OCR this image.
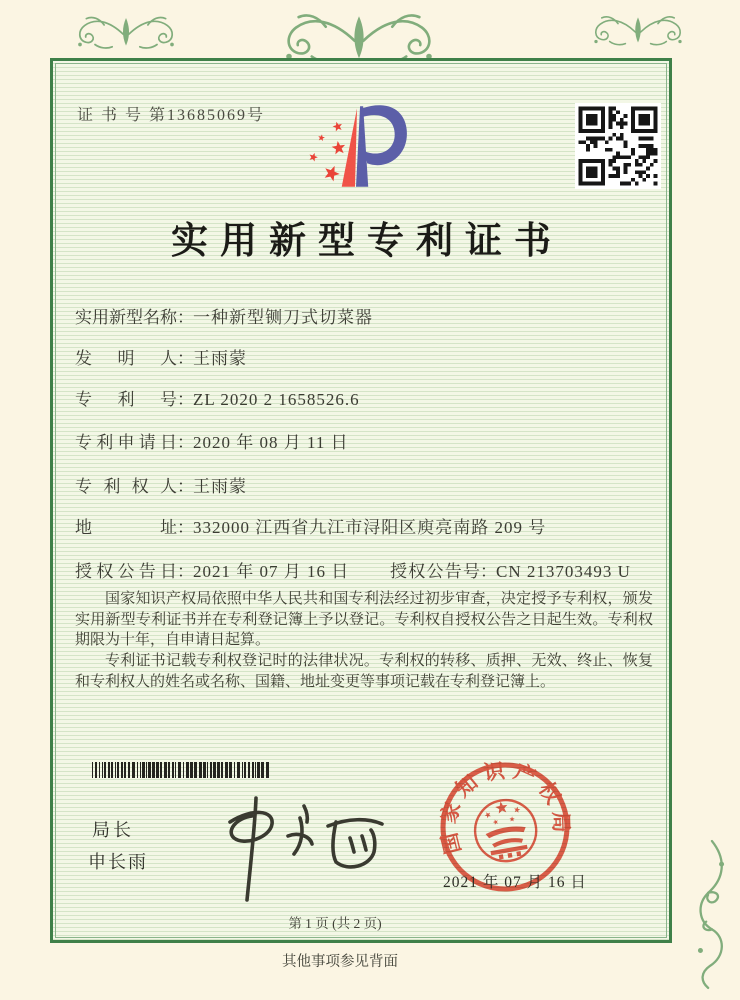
证 书 号 第13685069号
实用新型专利证书
实用新型名称：一种新型铡刀式切菜器
发明人：王雨蒙
专利号：ZL 2020 2 1658526.6
专利申请日：2020 年 08 月 11 日
专利权人：王雨蒙
地址：332000 江西省九江市浔阳区庾亮南路 209 号
授权公告日：2021 年 07 月 16 日 授权公告号：CN 213703493 U

国家知识产权局依照中华人民共和国专利法经过初步审查，决定授予专利权，颁发实用新型专利证书并在专利登记簿上予以登记。专利权自授权公告之日起生效。专利权期限为十年，自申请日起算。

专利证书记载专利权登记时的法律状况。专利权的转移、质押、无效、终止、恢复和专利权人的姓名或名称、国籍、地址变更等事项记载在专利登记簿上。

局长
申长雨
国家知识产权局
2021 年 07 月 16 日
第 1 页 (共 2 页)
其他事项参见背面
